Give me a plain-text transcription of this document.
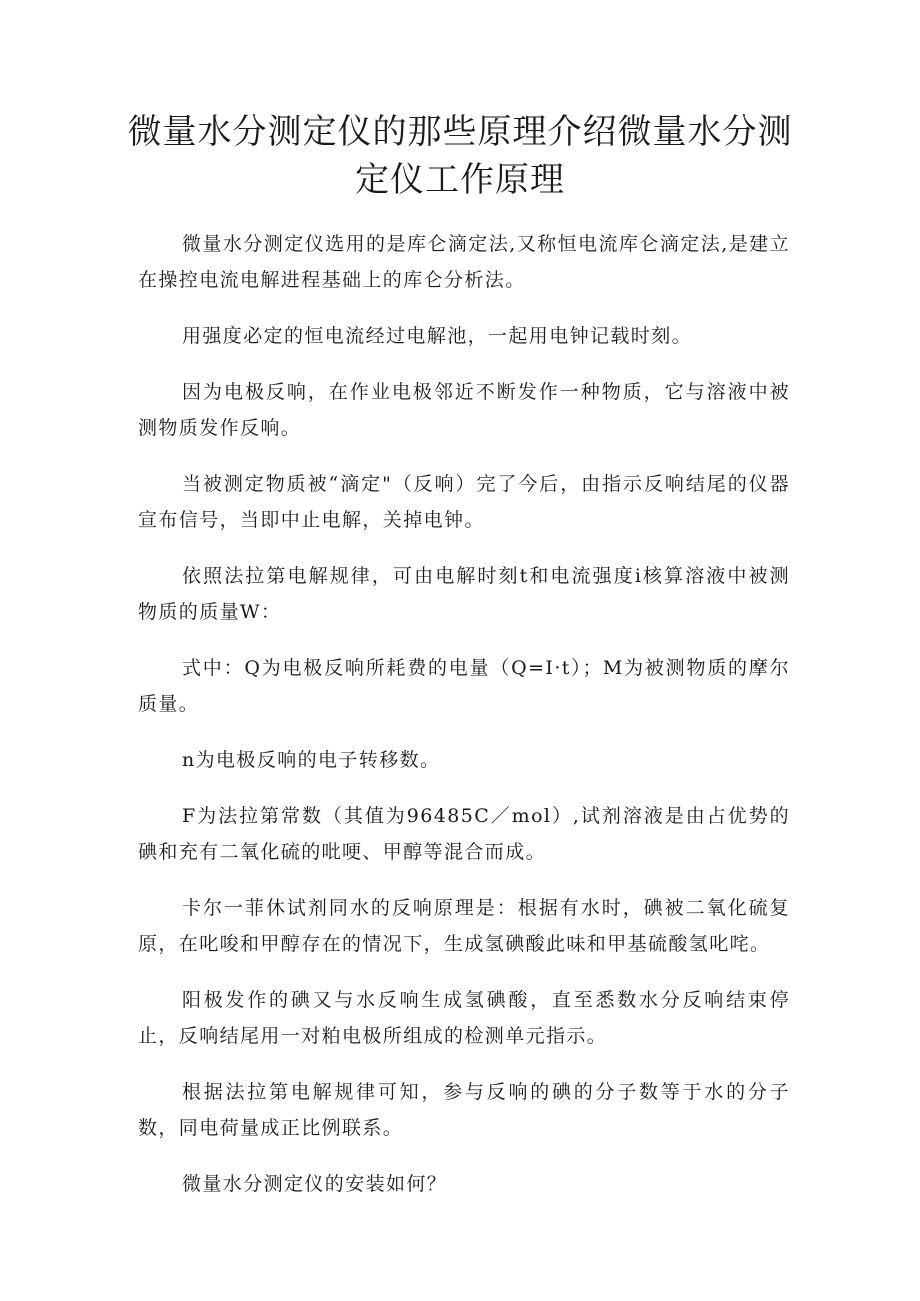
微量水分测定仪的那些原理介绍微量水分测定仪工作原理

微量水分测定仪选用的是库仑滴定法,又称恒电流库仑滴定法,是建立在操控电流电解进程基础上的库仑分析法。

用强度必定的恒电流经过电解池，一起用电钟记载时刻。

因为电极反响，在作业电极邻近不断发作一种物质，它与溶液中被测物质发作反响。

当被测定物质被“滴定"（反响）完了今后，由指示反响结尾的仪器宣布信号，当即中止电解，关掉电钟。

依照法拉第电解规律，可由电解时刻t和电流强度i核算溶液中被测物质的质量W：

式中：Q为电极反响所耗费的电量（Q=I·t）；M为被测物质的摩尔质量。

n为电极反响的电子转移数。

F为法拉第常数（其值为96485C／mol）,试剂溶液是由占优势的碘和充有二氧化硫的吡哽、甲醇等混合而成。

卡尔一菲休试剂同水的反响原理是：根据有水时，碘被二氧化硫复原，在叱唆和甲醇存在的情况下，生成氢碘酸此味和甲基硫酸氢叱咤。

阳极发作的碘又与水反响生成氢碘酸，直至悉数水分反响结束停止，反响结尾用一对粕电极所组成的检测单元指示。

根据法拉第电解规律可知，参与反响的碘的分子数等于水的分子数，同电荷量成正比例联系。

微量水分测定仪的安装如何？
